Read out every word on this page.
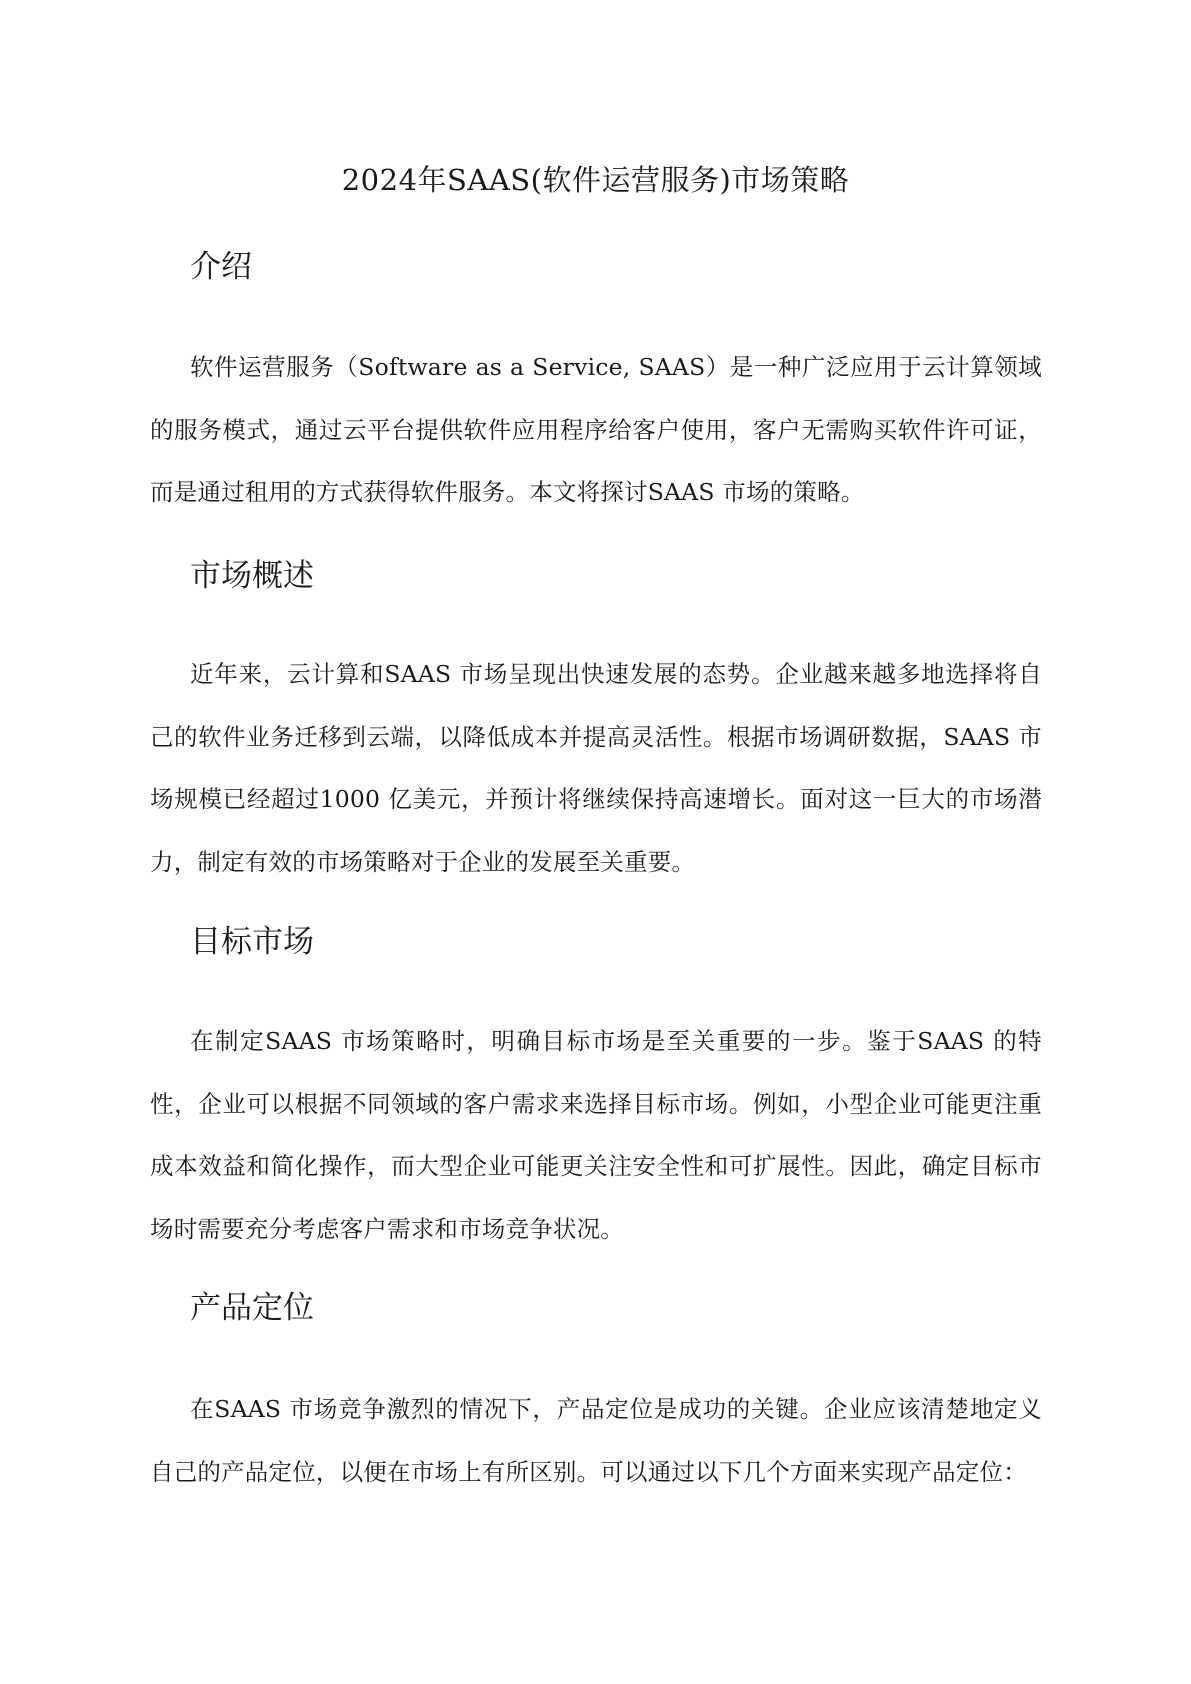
2024年SAAS(软件运营服务)市场策略
介绍

软件运营服务（Software as a Service, SAAS）是一种广泛应用于云计算领域的服务模式，通过云平台提供软件应用程序给客户使用，客户无需购买软件许可证，而是通过租用的方式获得软件服务。本文将探讨SAAS 市场的策略。

市场概述

近年来，云计算和SAAS 市场呈现出快速发展的态势。企业越来越多地选择将自己的软件业务迁移到云端，以降低成本并提高灵活性。根据市场调研数据，SAAS 市场规模已经超过1000 亿美元，并预计将继续保持高速增长。面对这一巨大的市场潜力，制定有效的市场策略对于企业的发展至关重要。

目标市场

在制定SAAS 市场策略时，明确目标市场是至关重要的一步。鉴于SAAS 的特性，企业可以根据不同领域的客户需求来选择目标市场。例如，小型企业可能更注重成本效益和简化操作，而大型企业可能更关注安全性和可扩展性。因此，确定目标市场时需要充分考虑客户需求和市场竞争状况。

产品定位

在SAAS 市场竞争激烈的情况下，产品定位是成功的关键。企业应该清楚地定义自己的产品定位，以便在市场上有所区别。可以通过以下几个方面来实现产品定位：
